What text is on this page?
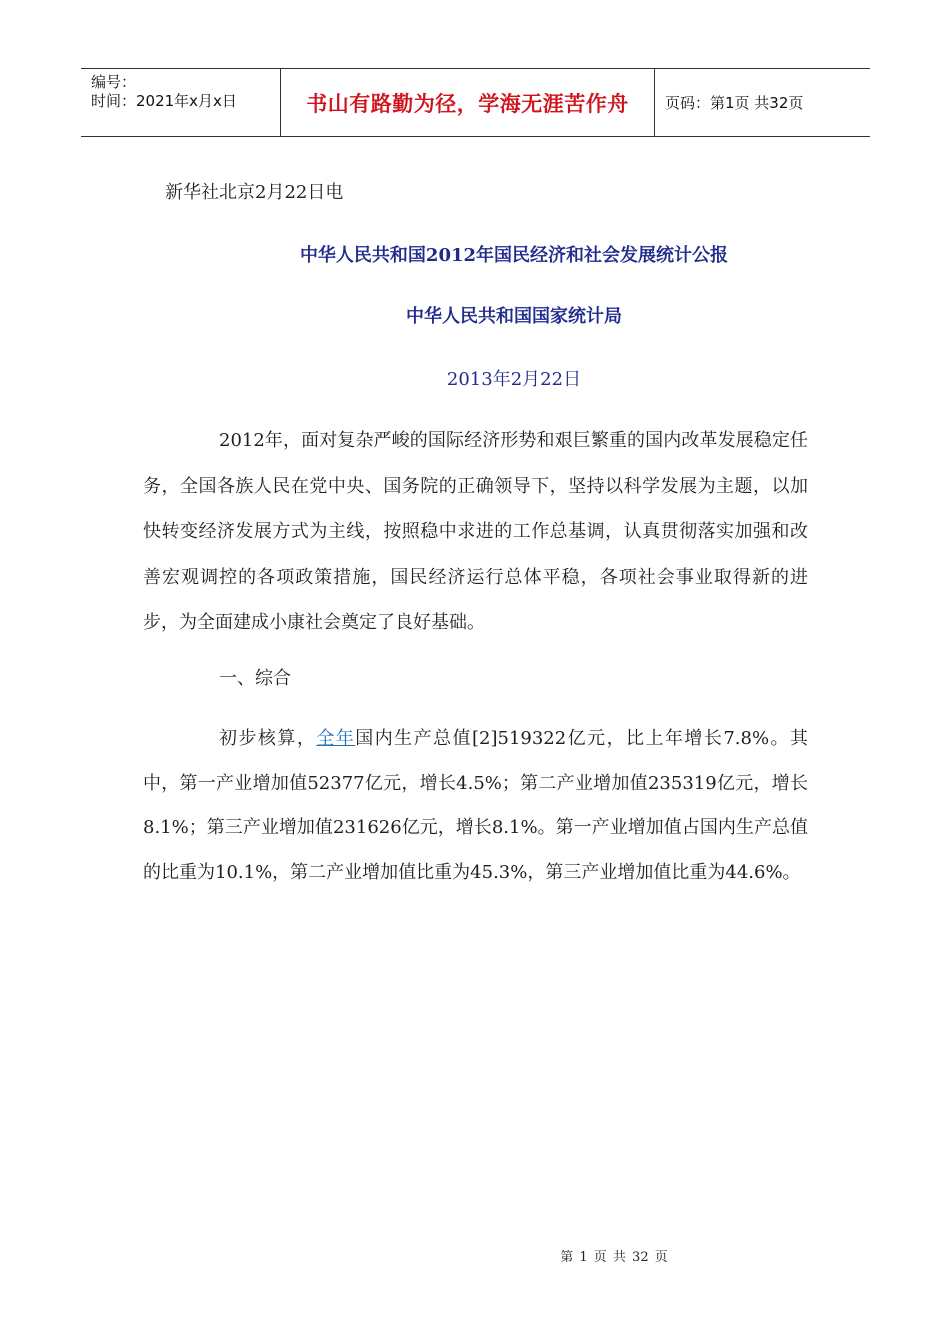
编号：
时间：2021年x月x日	书山有路勤为径，学海无涯苦作舟	页码：第1页 共32页
新华社北京2月22日电
中华人民共和国2012年国民经济和社会发展统计公报
中华人民共和国国家统计局
2013年2月22日
2012年，面对复杂严峻的国际经济形势和艰巨繁重的国内改革发展稳定任务，全国各族人民在党中央、国务院的正确领导下，坚持以科学发展为主题，以加快转变经济发展方式为主线，按照稳中求进的工作总基调，认真贯彻落实加强和改善宏观调控的各项政策措施，国民经济运行总体平稳，各项社会事业取得新的进步，为全面建成小康社会奠定了良好基础。
一、综合
初步核算，全年国内生产总值[2]519322亿元，比上年增长7.8%。其中，第一产业增加值52377亿元，增长4.5%；第二产业增加值235319亿元，增长8.1%；第三产业增加值231626亿元，增长8.1%。第一产业增加值占国内生产总值的比重为10.1%，第二产业增加值比重为45.3%，第三产业增加值比重为44.6%。
第 1 页 共 32 页
